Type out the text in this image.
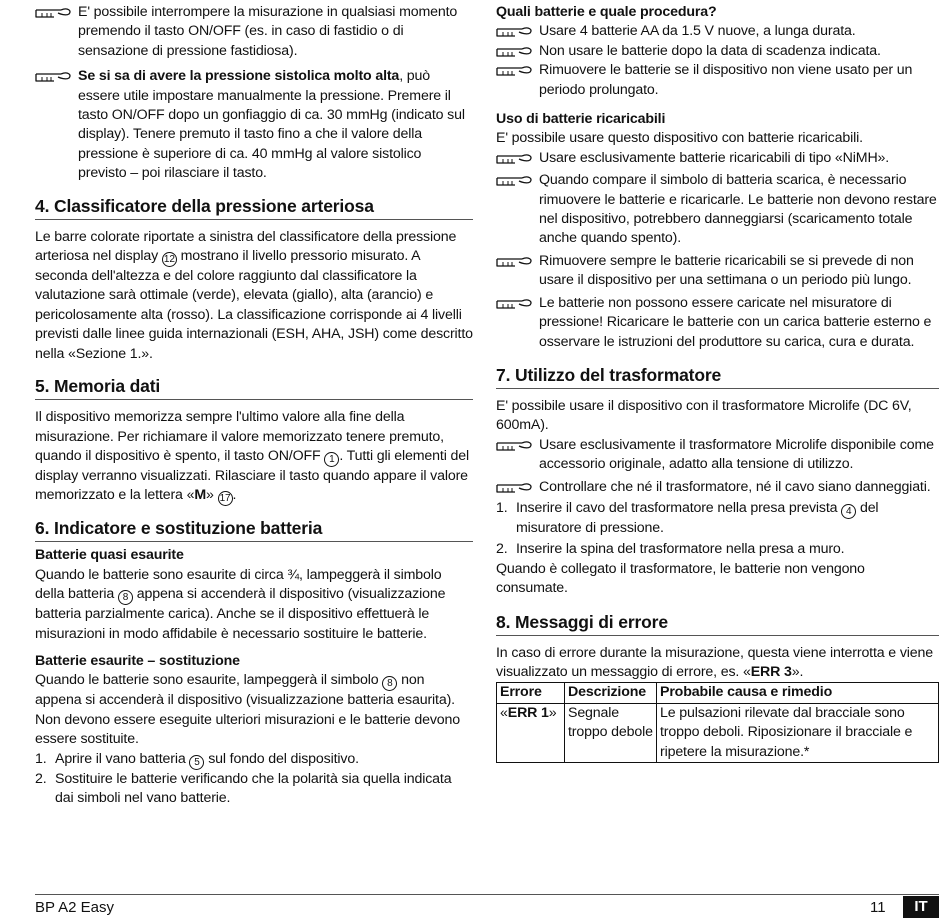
E' possibile interrompere la misurazione in qualsiasi momento premendo il tasto ON/OFF (es. in caso di fastidio o di sensazione di pressione fastidiosa).
Se si sa di avere la pressione sistolica molto alta, può essere utile impostare manualmente la pressione. Premere il tasto ON/OFF dopo un gonfiaggio di ca. 30 mmHg (indicato sul display). Tenere premuto il tasto fino a che il valore della pressione è superiore di ca. 40 mmHg al valore sistolico previsto – poi rilasciare il tasto.
4. Classificatore della pressione arteriosa

Le barre colorate riportate a sinistra del classificatore della pressione arteriosa nel display 12 mostrano il livello pressorio misurato. A seconda dell'altezza e del colore raggiunto dal classificatore la valutazione sarà ottimale (verde), elevata (giallo), alta (arancio) e pericolosamente alta (rosso). La classificazione corrisponde ai 4 livelli previsti dalle linee guida internazionali (ESH, AHA, JSH) come descritto nella «Sezione 1.».

5. Memoria dati

Il dispositivo memorizza sempre l'ultimo valore alla fine della misurazione. Per richiamare il valore memorizzato tenere premuto, quando il dispositivo è spento, il tasto ON/OFF 1 . Tutti gli elementi del display verranno visualizzati. Rilasciare il tasto quando appare il valore memorizzato e la lettera «M» 17 .

6. Indicatore e sostituzione batteria
Batterie quasi esaurite

Quando le batterie sono esaurite di circa ¾, lampeggerà il simbolo della batteria 8 appena si accenderà il dispositivo (visualizzazione batteria parzialmente carica). Anche se il dispositivo effettuerà le misurazioni in modo affidabile è necessario sostituire le batterie.

Batterie esaurite – sostituzione

Quando le batterie sono esaurite, lampeggerà il simbolo 8 non appena si accenderà il dispositivo (visualizzazione batteria esaurita). Non devono essere eseguite ulteriori misurazioni e le batterie devono essere sostituite.

1. Aprire il vano batteria 5 sul fondo del dispositivo.
2. Sostituire le batterie verificando che la polarità sia quella indicata dai simboli nel vano batterie.
Quali batterie e quale procedura?
Usare 4 batterie AA da 1.5 V nuove, a lunga durata.
Non usare le batterie dopo la data di scadenza indicata.
Rimuovere le batterie se il dispositivo non viene usato per un periodo prolungato.
Uso di batterie ricaricabili

E' possibile usare questo dispositivo con batterie ricaricabili.

Usare esclusivamente batterie ricaricabili di tipo «NiMH».
Quando compare il simbolo di batteria scarica, è necessario rimuovere le batterie e ricaricarle. Le batterie non devono restare nel dispositivo, potrebbero danneggiarsi (scaricamento totale anche quando spento).
Rimuovere sempre le batterie ricaricabili se si prevede di non usare il dispositivo per una settimana o un periodo più lungo.
Le batterie non possono essere caricate nel misuratore di pressione! Ricaricare le batterie con un carica batterie esterno e osservare le istruzioni del produttore su carica, cura e durata.
7. Utilizzo del trasformatore

E' possibile usare il dispositivo con il trasformatore Microlife (DC 6V, 600mA).

Usare esclusivamente il trasformatore Microlife disponibile come accessorio originale, adatto alla tensione di utilizzo.
Controllare che né il trasformatore, né il cavo siano danneggiati.
1. Inserire il cavo del trasformatore nella presa prevista 4 del misuratore di pressione.
2. Inserire la spina del trasformatore nella presa a muro.

Quando è collegato il trasformatore, le batterie non vengono consumate.

8. Messaggi di errore

In caso di errore durante la misurazione, questa viene interrotta e viene visualizzato un messaggio di errore, es. «ERR 3».

Errore	Descrizione	Probabile causa e rimedio
«ERR 1»	Segnale troppo debole	Le pulsazioni rilevate dal bracciale sono troppo deboli. Riposizionare il bracciale e ripetere la misurazione.*
BP A2 Easy	11	IT
